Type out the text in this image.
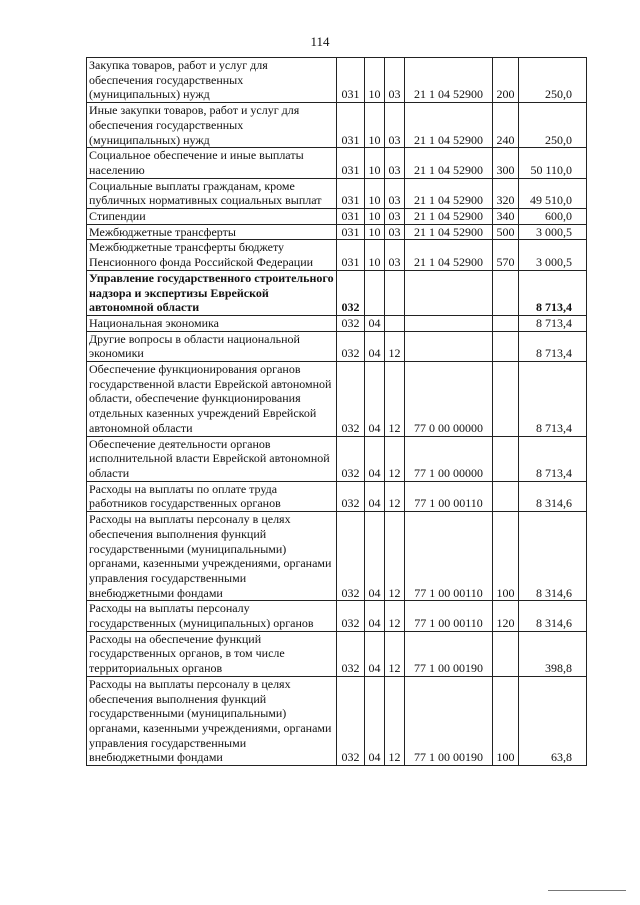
114
Закупка товаров, работ и услуг для обеспечения государственных (муниципальных) нужд	031	10	03	21 1 04 52900	200	250,0
Иные закупки товаров, работ и услуг для обеспечения государственных (муниципальных) нужд	031	10	03	21 1 04 52900	240	250,0
Социальное обеспечение и иные выплаты населению	031	10	03	21 1 04 52900	300	50 110,0
Социальные выплаты гражданам, кроме публичных нормативных социальных выплат	031	10	03	21 1 04 52900	320	49 510,0
Стипендии	031	10	03	21 1 04 52900	340	600,0
Межбюджетные трансферты	031	10	03	21 1 04 52900	500	3 000,5
Межбюджетные трансферты бюджету Пенсионного фонда Российской Федерации	031	10	03	21 1 04 52900	570	3 000,5
Управление государственного строительного надзора и экспертизы Еврейской автономной области	032					8 713,4
Национальная экономика	032	04				8 713,4
Другие вопросы в области национальной экономики	032	04	12			8 713,4
Обеспечение функционирования органов государственной власти Еврейской автономной области, обеспечение функционирования отдельных казенных учреждений Еврейской автономной области	032	04	12	77 0 00 00000		8 713,4
Обеспечение деятельности органов исполнительной власти Еврейской автономной области	032	04	12	77 1 00 00000		8 713,4
Расходы на выплаты по оплате труда работников государственных органов	032	04	12	77 1 00 00110		8 314,6
Расходы на выплаты персоналу в целях обеспечения выполнения функций государственными (муниципальными) органами, казенными учреждениями, органами управления государственными внебюджетными фондами	032	04	12	77 1 00 00110	100	8 314,6
Расходы на выплаты персоналу государственных (муниципальных) органов	032	04	12	77 1 00 00110	120	8 314,6
Расходы на обеспечение функций государственных органов, в том числе территориальных органов	032	04	12	77 1 00 00190		398,8
Расходы на выплаты персоналу в целях обеспечения выполнения функций государственными (муниципальными) органами, казенными учреждениями, органами управления государственными внебюджетными фондами	032	04	12	77 1 00 00190	100	63,8
